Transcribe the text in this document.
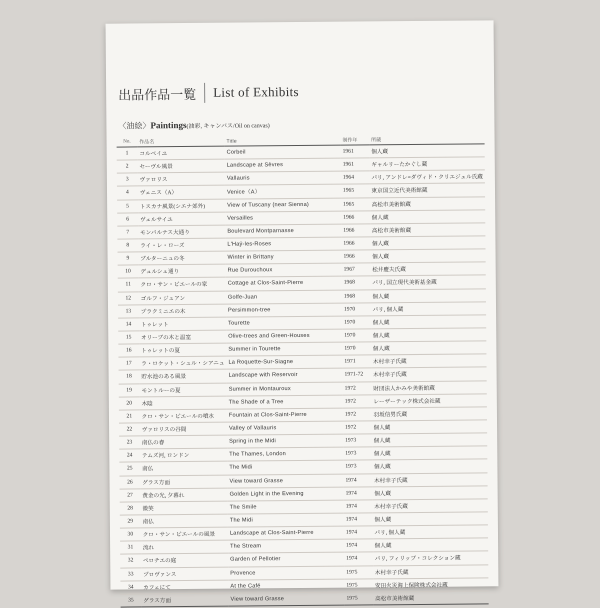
出品作品一覧 List of Exhibits
〈油絵〉Paintings(油彩, キャンバス/Oil on canvas)
No.	作品名	Title	制作年	所蔵
1	コルベイユ	Corbeil	1961	個人蔵
2	セーヴル風景	Landscape at Sèvres	1961	ギャルリーたかぐし蔵
3	ヴァロリス	Vallauris	1964	パリ, アンドレ=ダヴィド・クリエジェル氏蔵
4	ヴェニス（A）	Venice（A）	1965	東京国立近代美術館蔵
5	トスカナ風景(シエナ郊外)	View of Tuscany (near Sienna)	1965	高松市美術館蔵
6	ヴェルサイユ	Versailles	1966	個人蔵
7	モンパルナス大通り	Boulevard Montparnasse	1966	高松市美術館蔵
8	ライ・レ・ローズ	L'Haÿ-les-Roses	1966	個人蔵
9	ブルターニュの冬	Winter in Brittany	1966	個人蔵
10	デュルシュ通り	Rue Durouchoux	1967	松井慶夫氏蔵
11	クロ・サン・ピエールの家	Cottage at Clos-Saint-Pierre	1968	パリ, 国立現代美術基金蔵
12	ゴルフ・ジュアン	Golfe-Juan	1968	個人蔵
13	プラクミニエの木	Persimmon-tree	1970	パリ, 個人蔵
14	トゥレット	Tourette	1970	個人蔵
15	オリーブの木と温室	Olive-trees and Green-Houses	1970	個人蔵
16	トゥレットの夏	Summer in Tourette	1970	個人蔵
17	ラ・ロケット・シュル・シアニュ	La Roquette-Sur-Siagne	1971	木村幸子氏蔵
18	貯水池のある風景	Landscape with Reservoir	1971-72	木村幸子氏蔵
19	モントルーの夏	Summer in Montauroux	1972	財団法人かみや美術館蔵
20	木陰	The Shade of a Tree	1972	レーザーテック株式会社蔵
21	クロ・サン・ピエールの噴水	Fountain at Clos-Saint-Pierre	1972	羽坂信男氏蔵
22	ヴァロリスの谷間	Valley of Vallauris	1972	個人蔵
23	南仏の春	Spring in the Midi	1973	個人蔵
24	テムズ河, ロンドン	The Thames, London	1973	個人蔵
25	南仏	The Midi	1973	個人蔵
26	グラス方面	View toward Grasse	1974	木村幸子氏蔵
27	黄金の光, 夕暮れ	Golden Light in the Evening	1974	個人蔵
28	微笑	The Smile	1974	木村幸子氏蔵
29	南仏	The Midi	1974	個人蔵
30	クロ・サン・ピエールの風景	Landscape at Clos-Saint-Pierre	1974	パリ, 個人蔵
31	流れ	The Stream	1974	個人蔵
32	ペロチエの庭	Garden of Pellotier	1974	パリ, フィリップ・コレクション蔵
33	プロヴァンス	Provence	1975	木村幸子氏蔵
34	カフェにて	At the Café	1975	安田火災海上保険株式会社蔵
35	グラス方面	View toward Grasse	1975	高松市美術館蔵
